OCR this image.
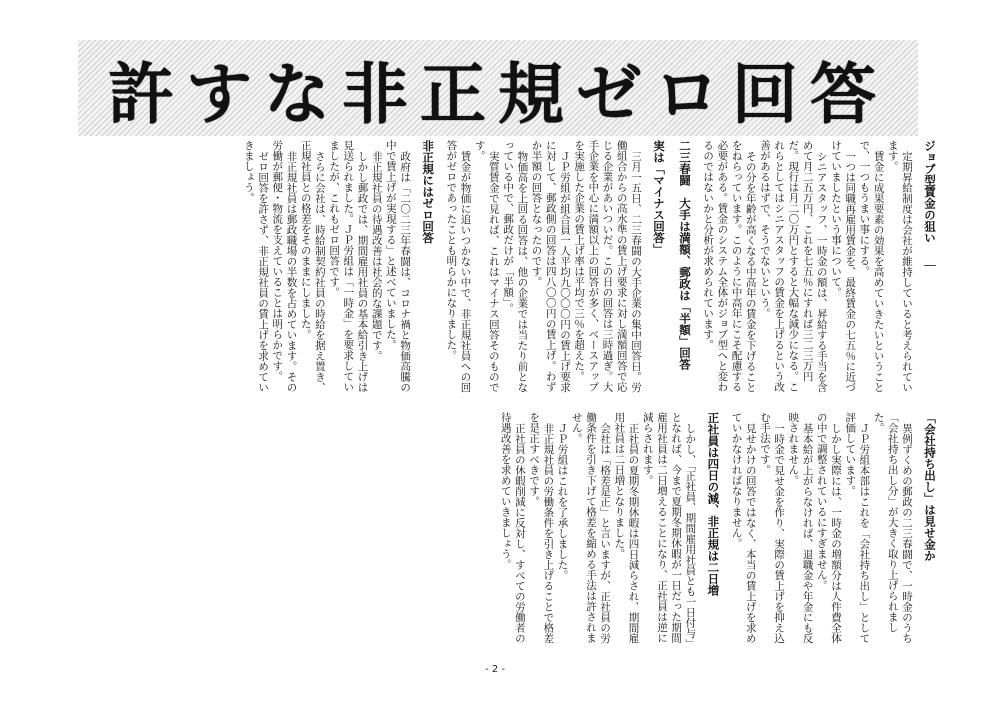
許すな非正規ゼロ回答
ジョブ型賃金の狙い ―

定期昇給制度は会社が維持していると考えられています。

賃金に成果要素の効果を高めていきたいということで、一つもうまい事にする。

一つは同職再雇用賃金を、最終賃金の七五％に近づけていましたという事について。

シニアスタッフ、一時金の額は、昇給する手当を含めて月二五万円、これを七五％にすれば三二三万円だ。現行は月二〇万円とすると大幅な減少になる。これらとしてはシニアスタッフの賃金を上げるという改善があるはずで、そうでないという。

その分を年齢が高くなる中高年の賃金を下げることをねらっています。このように中高年にこそ配慮する必要がある。賃金のシステム全体がジョブ型へと変わるのではないかと分析が求められています。

二三春闘　大手は満額、郵政は「半額」回答
実は「マイナス回答」

三月一五日、二三春闘の大手企業の集中回答日。労働組合からの高水準の賃上げ要求に対し満額回答で応じる企業があいついだ。この日の回答は三時過ぎ。大手企業を中心に満額以上の回答が多く、ベースアップを実施した企業の賃上げ率は平均で三％を超えた。

ＪＰ労組が組合員一人平均九〇〇〇円の賃上げ要求に対して、郵政側の回答は四八〇〇円の賃上げ。わずか半額の回答となったのです。

物価高を上回る回答は、他の企業では当たり前となっている中で、郵政だけが「半額」。

実質賃金で見れば、これはマイナス回答そのものです。

賃金が物価に追いつかない中で、非正規社員への回答がゼロであったことも明らかになりました。

非正規にはゼロ回答

政府は「二〇二三年春闘は、コロナ禍と物価高騰の中で賃上げが実現する」と述べていました。

非正規社員の待遇改善は社会的な課題です。

しかし郵政では、期間雇用社員の基本給引き上げは見送られました。ＪＰ労組は「一時金」を要求していましたが、これもゼロ回答です。

さらに会社は、時給制契約社員の時給を据え置き、正規社員との格差をそのままにしました。

非正規社員は郵政職場の半数を占めています。その労働が郵便・物流を支えていることは明らかです。

ゼロ回答を許さず、非正規社員の賃上げを求めていきましょう。

「会社持ち出し」は見せ金か

異例ずくめの郵政の二三春闘で、一時金のうち「会社持ち出し分」が大きく取り上げられました。

ＪＰ労組本部はこれを「会社持ち出し」として評価しています。

しかし実際には、一時金の増額分は人件費全体の中で調整されているにすぎません。

基本給が上がらなければ、退職金や年金にも反映されません。

一時金で見せ金を作り、実際の賃上げを抑え込む手法です。

見せかけの回答ではなく、本当の賃上げを求めていかなければなりません。

正社員は四日の減、非正規は二日増

しかし、「正社員、期間雇用社員とも一日付与」となれば、今まで夏期冬期休暇が一日だった期間雇用社員は二日増えることになり、正社員は逆に減らされます。

正社員の夏期冬期休暇は四日減らされ、期間雇用社員は二日増となりました。

会社は「格差是正」と言いますが、正社員の労働条件を引き下げて格差を縮める手法は許されません。

ＪＰ労組はこれを了承しました。

非正規社員の労働条件を引き上げることで格差を是正すべきです。

正社員の休暇削減に反対し、すべての労働者の待遇改善を求めていきましょう。

- 2 -
